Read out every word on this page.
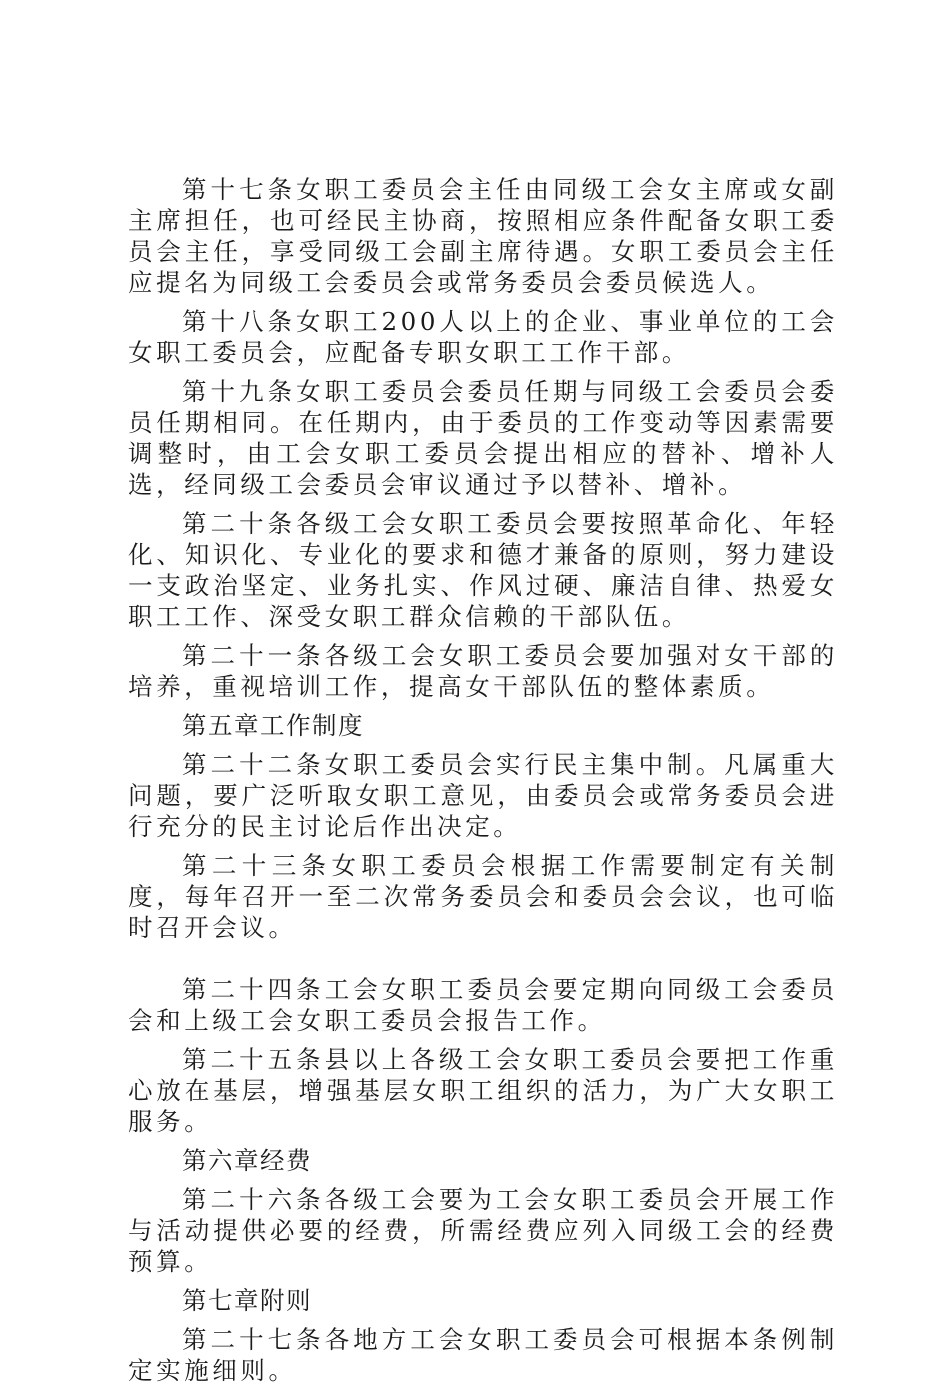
第十七条女职工委员会主任由同级工会女主席或女副主席担任，也可经民主协商，按照相应条件配备女职工委员会主任，享受同级工会副主席待遇。女职工委员会主任应提名为同级工会委员会或常务委员会委员候选人。

第十八条女职工200人以上的企业、事业单位的工会女职工委员会，应配备专职女职工工作干部。

第十九条女职工委员会委员任期与同级工会委员会委员任期相同。在任期内，由于委员的工作变动等因素需要调整时，由工会女职工委员会提出相应的替补、增补人选，经同级工会委员会审议通过予以替补、增补。

第二十条各级工会女职工委员会要按照革命化、年轻化、知识化、专业化的要求和德才兼备的原则，努力建设一支政治坚定、业务扎实、作风过硬、廉洁自律、热爱女职工工作、深受女职工群众信赖的干部队伍。

第二十一条各级工会女职工委员会要加强对女干部的培养，重视培训工作，提高女干部队伍的整体素质。

第五章工作制度

第二十二条女职工委员会实行民主集中制。凡属重大问题，要广泛听取女职工意见，由委员会或常务委员会进行充分的民主讨论后作出决定。

第二十三条女职工委员会根据工作需要制定有关制度，每年召开一至二次常务委员会和委员会会议，也可临时召开会议。

第二十四条工会女职工委员会要定期向同级工会委员会和上级工会女职工委员会报告工作。

第二十五条县以上各级工会女职工委员会要把工作重心放在基层，增强基层女职工组织的活力，为广大女职工服务。

第六章经费

第二十六条各级工会要为工会女职工委员会开展工作与活动提供必要的经费，所需经费应列入同级工会的经费预算。

第七章附则

第二十七条各地方工会女职工委员会可根据本条例制定实施细则。
